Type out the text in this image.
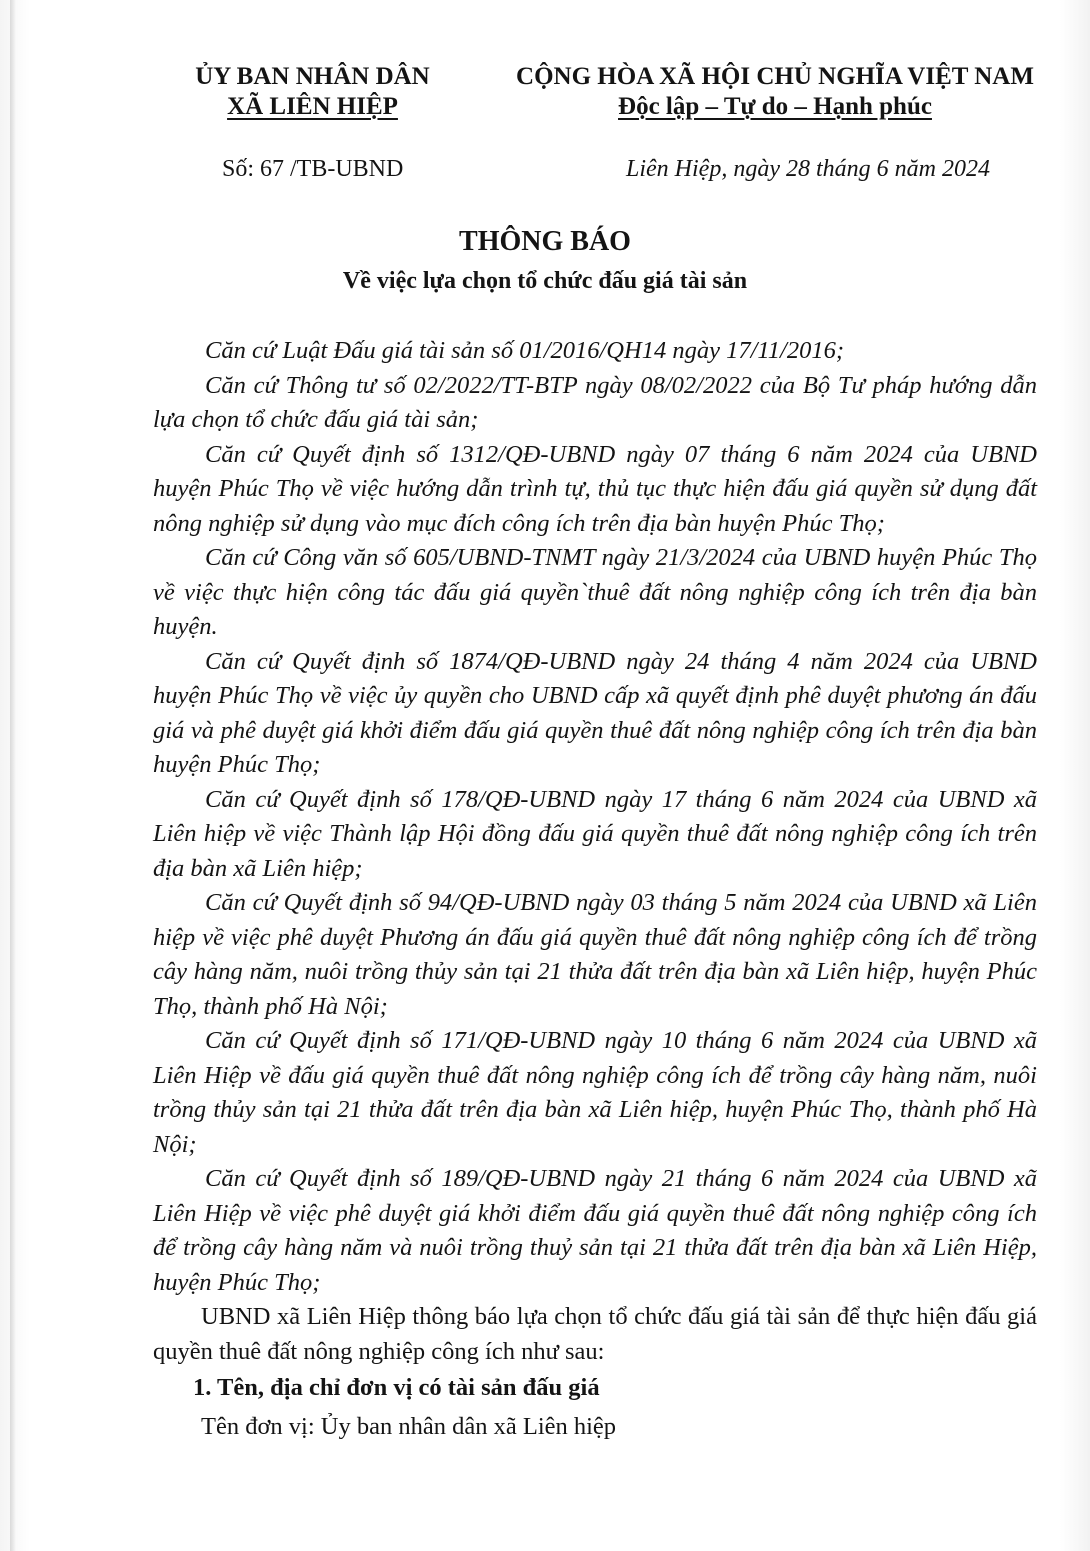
ỦY BAN NHÂN DÂN
XÃ LIÊN HIỆP
CỘNG HÒA XÃ HỘI CHỦ NGHĨA VIỆT NAM
Độc lập – Tự do – Hạnh phúc
Số: 67 /TB-UBND	Liên Hiệp, ngày 28 tháng 6 năm 2024
THÔNG BÁO
Về việc lựa chọn tổ chức đấu giá tài sản

Căn cứ Luật Đấu giá tài sản số 01/2016/QH14 ngày 17/11/2016;

Căn cứ Thông tư số 02/2022/TT-BTP ngày 08/02/2022 của Bộ Tư pháp hướng dẫn lựa chọn tổ chức đấu giá tài sản;

Căn cứ Quyết định số 1312/QĐ-UBND ngày 07 tháng 6 năm 2024 của UBND huyện Phúc Thọ về việc hướng dẫn trình tự, thủ tục thực hiện đấu giá quyền sử dụng đất nông nghiệp sử dụng vào mục đích công ích trên địa bàn huyện Phúc Thọ;

Căn cứ Công văn số 605/UBND-TNMT ngày 21/3/2024 của UBND huyện Phúc Thọ về việc thực hiện công tác đấu giá quyền`thuê đất nông nghiệp công ích trên địa bàn huyện.

Căn cứ Quyết định số 1874/QĐ-UBND ngày 24 tháng 4 năm 2024 của UBND huyện Phúc Thọ về việc ủy quyền cho UBND cấp xã quyết định phê duyệt phương án đấu giá và phê duyệt giá khởi điểm đấu giá quyền thuê đất nông nghiệp công ích trên địa bàn huyện Phúc Thọ;

Căn cứ Quyết định số 178/QĐ-UBND ngày 17 tháng 6 năm 2024 của UBND xã Liên hiệp về việc Thành lập Hội đồng đấu giá quyền thuê đất nông nghiệp công ích trên địa bàn xã Liên hiệp;

Căn cứ Quyết định số 94/QĐ-UBND ngày 03 tháng 5 năm 2024 của UBND xã Liên hiệp về việc phê duyệt Phương án đấu giá quyền thuê đất nông nghiệp công ích để trồng cây hàng năm, nuôi trồng thủy sản tại 21 thửa đất trên địa bàn xã Liên hiệp, huyện Phúc Thọ, thành phố Hà Nội;

Căn cứ Quyết định số 171/QĐ-UBND ngày 10 tháng 6 năm 2024 của UBND xã Liên Hiệp về đấu giá quyền thuê đất nông nghiệp công ích để trồng cây hàng năm, nuôi trồng thủy sản tại 21 thửa đất trên địa bàn xã Liên hiệp, huyện Phúc Thọ, thành phố Hà Nội;

Căn cứ Quyết định số 189/QĐ-UBND ngày 21 tháng 6 năm 2024 của UBND xã Liên Hiệp về việc phê duyệt giá khởi điểm đấu giá quyền thuê đất nông nghiệp công ích để trồng cây hàng năm và nuôi trồng thuỷ sản tại 21 thửa đất trên địa bàn xã Liên Hiệp, huyện Phúc Thọ;

UBND xã Liên Hiệp thông báo lựa chọn tổ chức đấu giá tài sản để thực hiện đấu giá quyền thuê đất nông nghiệp công ích như sau:

1. Tên, địa chỉ đơn vị có tài sản đấu giá

Tên đơn vị: Ủy ban nhân dân xã Liên hiệp
